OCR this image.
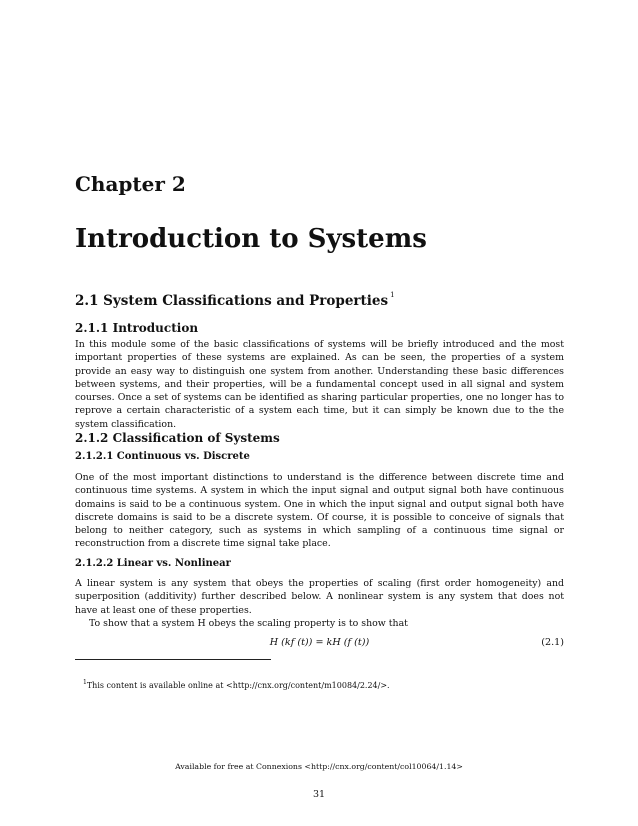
Chapter 2
Introduction to Systems
2.1 System Classifications and Properties $^1$
2.1.1 Introduction

In this module some of the basic classifications of systems will be briefly introduced and the most important properties of these systems are explained. As can be seen, the properties of a system provide an easy way to distinguish one system from another. Understanding these basic differences between systems, and their properties, will be a fundamental concept used in all signal and system courses. Once a set of systems can be identified as sharing particular properties, one no longer has to reprove a certain characteristic of a system each time, but it can simply be known due to the the system classification.

2.1.2 Classification of Systems
2.1.2.1 Continuous vs. Discrete

One of the most important distinctions to understand is the difference between discrete time and continuous time systems. A system in which the input signal and output signal both have continuous domains is said to be a continuous system. One in which the input signal and output signal both have discrete domains is said to be a discrete system. Of course, it is possible to conceive of signals that belong to neither category, such as systems in which sampling of a continuous time signal or reconstruction from a discrete time signal take place.

2.1.2.2 Linear vs. Nonlinear

A linear system is any system that obeys the properties of scaling (first order homogeneity) and superposition (additivity) further described below. A nonlinear system is any system that does not have at least one of these properties.

To show that a system H obeys the scaling property is to show that

H (kf (t)) = kH (f (t))	(2.1)
$^1$This content is available online at <http://cnx.org/content/m10084/2.24/>.
Available for free at Connexions <http://cnx.org/content/col10064/1.14>
31
